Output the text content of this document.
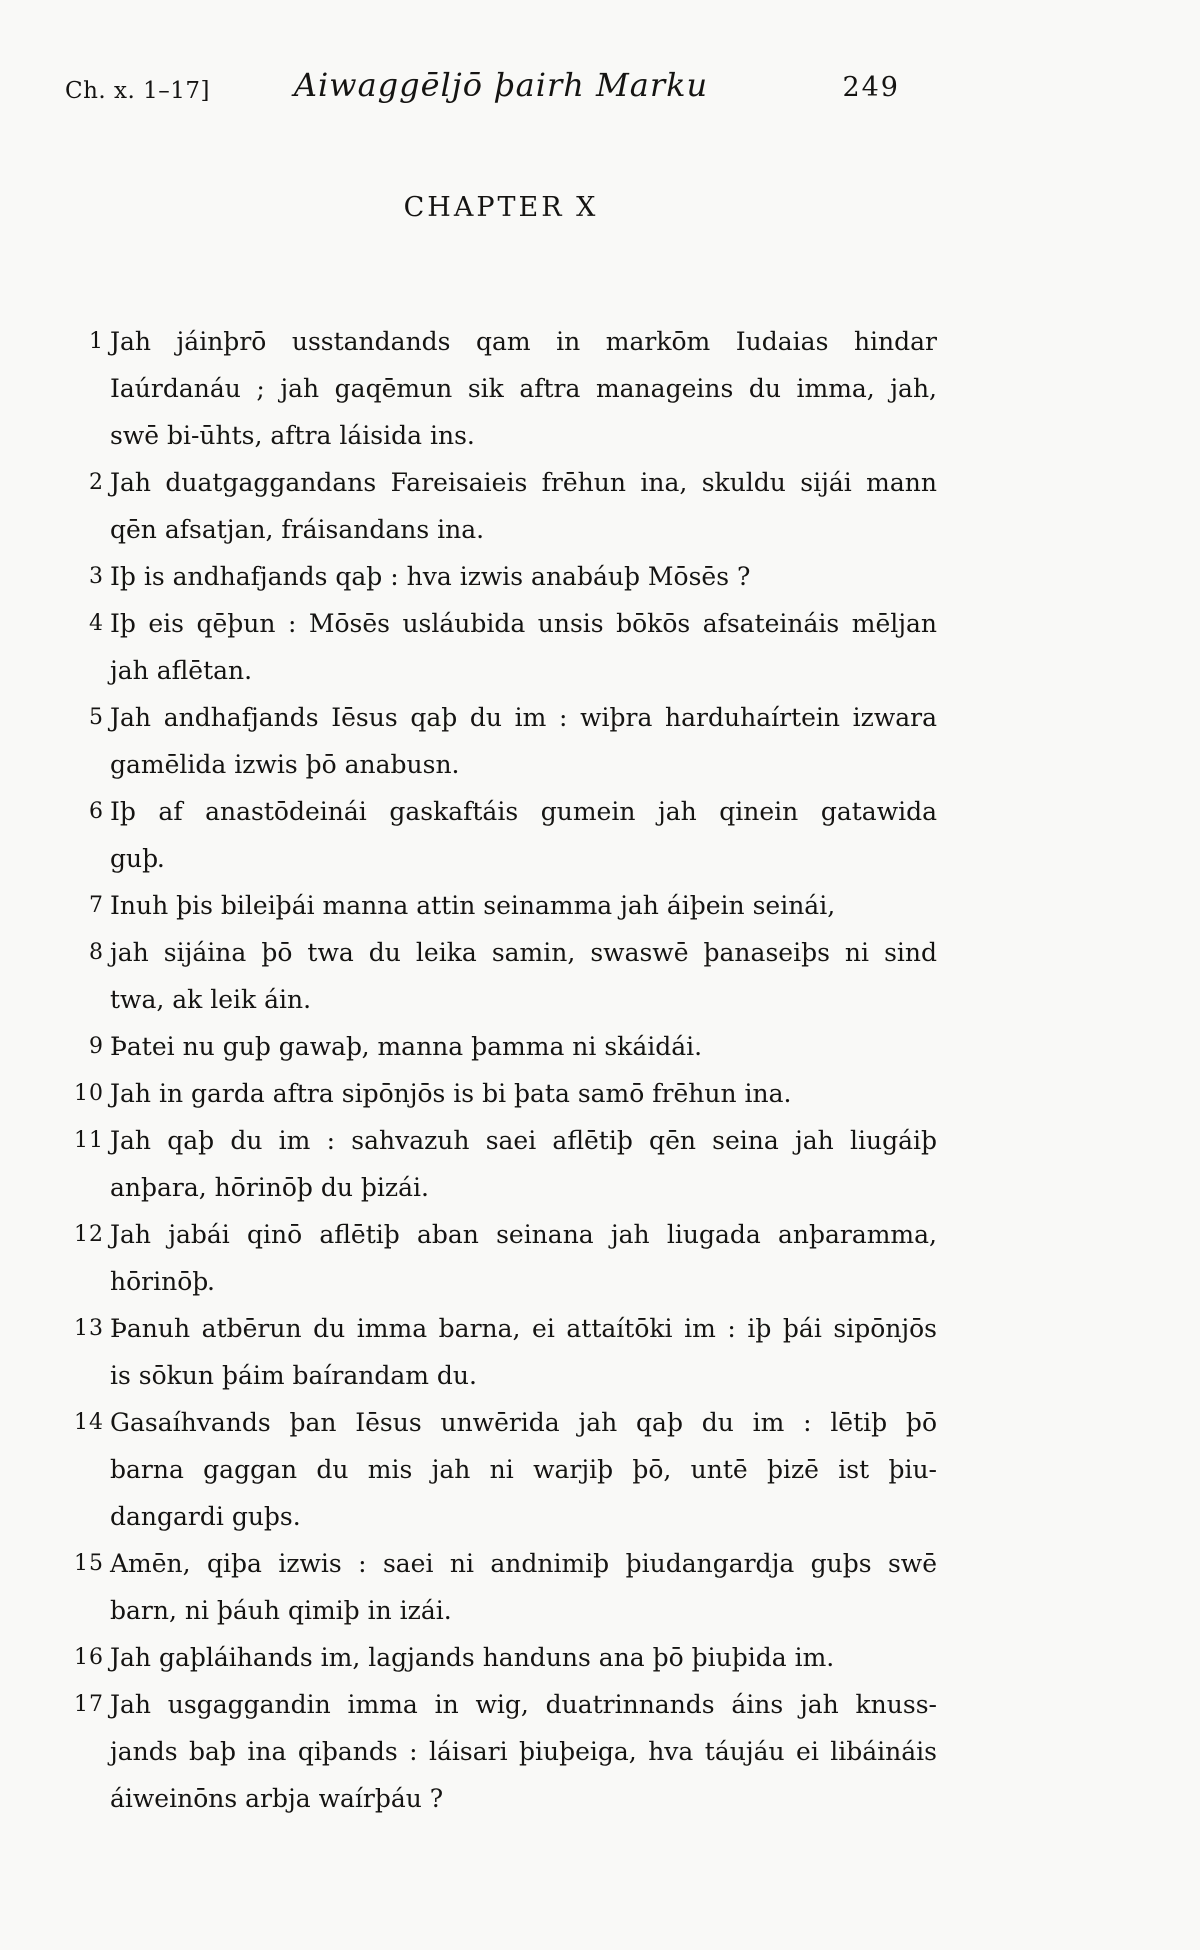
Ch. x. 1–17]	Aiwaggēljō þairh Marku	249
CHAPTER X
1 Jah jáinþrō usstandands qam in markōm Iudaias hindar
Iaúrdanáu ; jah gaqēmun sik aftra manageins du imma, jah,
swē bi-ūhts, aftra láisida ins.
2 Jah duatgaggandans Fareisaieis frēhun ina, skuldu sijái mann
qēn afsatjan, fráisandans ina.
3 Iþ is andhafjands qaþ : hva izwis anabáuþ Mōsēs ?
4 Iþ eis qēþun : Mōsēs usláubida unsis bōkōs afsateináis mēljan
jah aflētan.
5 Jah andhafjands Iēsus qaþ du im : wiþra harduhaírtein izwara
gamēlida izwis þō anabusn.
6 Iþ af anastōdeinái gaskaftáis gumein jah qinein gatawida
guþ.
7 Inuh þis bileiþái manna attin seinamma jah áiþein seinái,
8 jah sijáina þō twa du leika samin, swaswē þanaseiþs ni sind
twa, ak leik áin.
9 Þatei nu guþ gawaþ, manna þamma ni skáidái.
10 Jah in garda aftra sipōnjōs is bi þata samō frēhun ina.
11 Jah qaþ du im : sahvazuh saei aflētiþ qēn seina jah liugáiþ
anþara, hōrinōþ du þizái.
12 Jah jabái qinō aflētiþ aban seinana jah liugada anþaramma,
hōrinōþ.
13 Þanuh atbērun du imma barna, ei attaítōki im : iþ þái sipōnjōs
is sōkun þáim baírandam du.
14 Gasaíhvands þan Iēsus unwērida jah qaþ du im : lētiþ þō
barna gaggan du mis jah ni warjiþ þō, untē þizē ist þiu-
dangardi guþs.
15 Amēn, qiþa izwis : saei ni andnimiþ þiudangardja guþs swē
barn, ni þáuh qimiþ in izái.
16 Jah gaþláihands im, lagjands handuns ana þō þiuþida im.
17 Jah usgaggandin imma in wig, duatrinnands áins jah knuss-
jands baþ ina qiþands : láisari þiuþeiga, hva táujáu ei libáináis
áiweinōns arbja waírþáu ?
